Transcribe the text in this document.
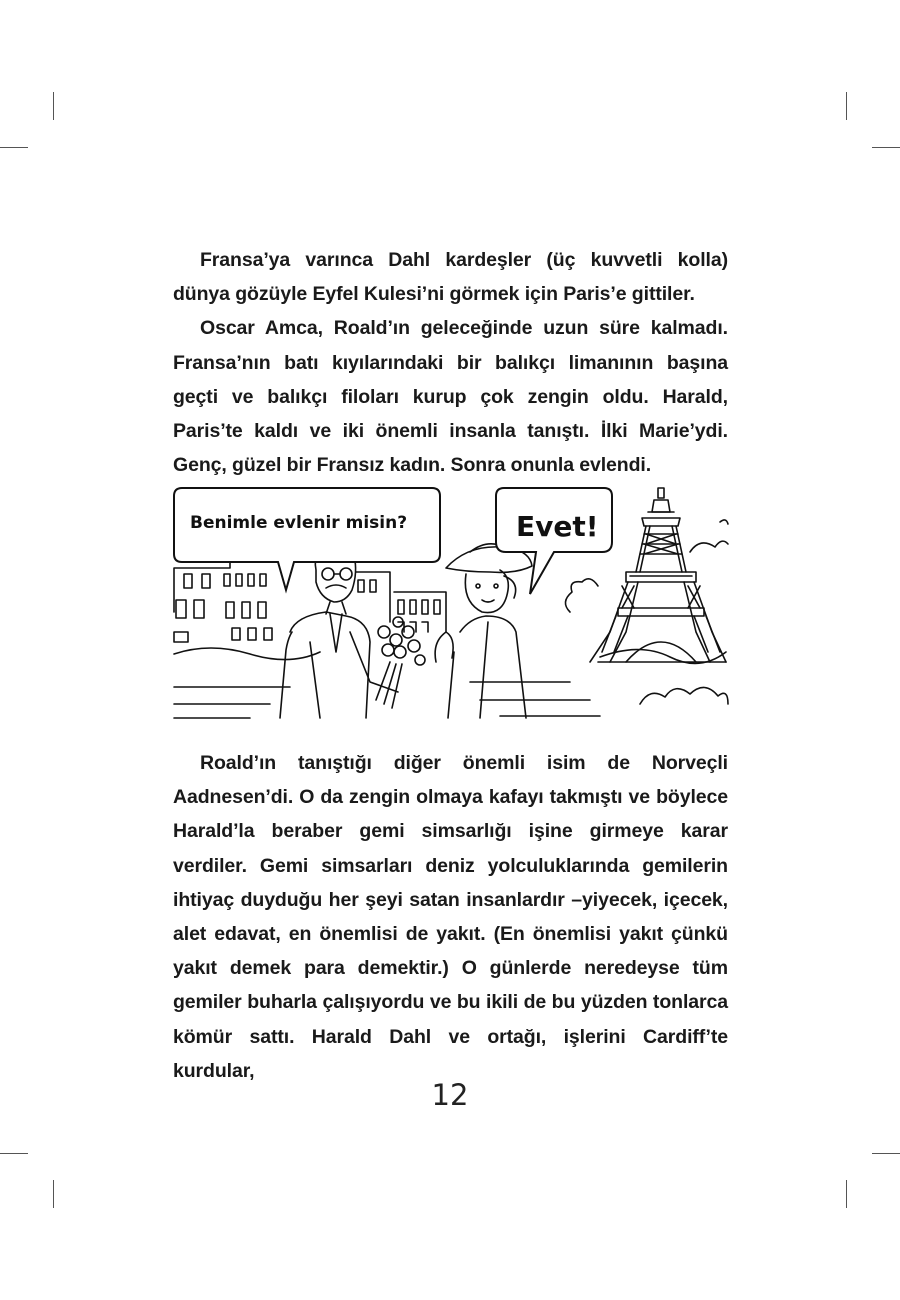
Fransa’ya varınca Dahl kardeşler (üç kuvvetli kolla) dünya gözüyle Eyfel Kulesi’ni görmek için Paris’e gittiler.

Oscar Amca, Roald’ın geleceğinde uzun süre kalmadı. Fransa’nın batı kıyılarındaki bir balıkçı limanının başına geçti ve balıkçı filoları kurup çok zengin oldu. Harald, Paris’te kaldı ve iki önemli insanla tanıştı. İlki Marie’ydi. Genç, güzel bir Fransız kadın. Sonra onunla evlendi.

Benimle evlenir misin?	Evet!

Roald’ın tanıştığı diğer önemli isim de Norveçli Aadnesen’di. O da zengin olmaya kafayı takmıştı ve böylece Harald’la beraber gemi simsarlığı işine girmeye karar verdiler. Gemi simsarları deniz yolculuklarında gemilerin ihtiyaç duyduğu her şeyi satan insanlardır –yiyecek, içecek, alet edavat, en önemlisi de yakıt. (En önemlisi yakıt çünkü yakıt demek para demektir.) O günlerde neredeyse tüm gemiler buharla çalışıyordu ve bu ikili de bu yüzden tonlarca kömür sattı. Harald Dahl ve ortağı, işlerini Cardiff’te kurdular,

12
